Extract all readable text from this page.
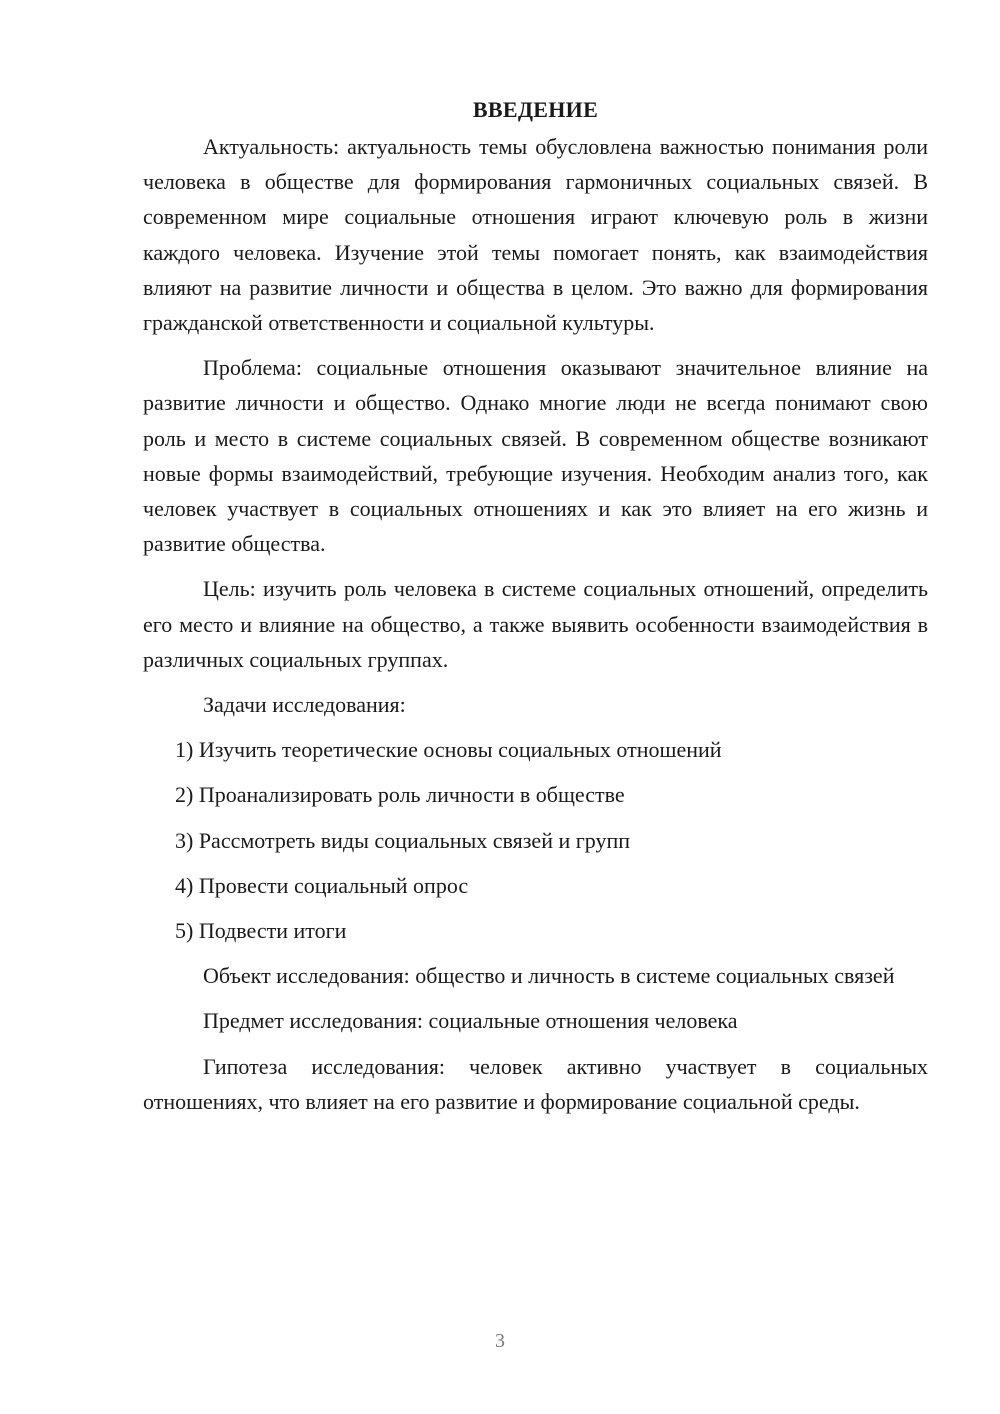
ВВЕДЕНИЕ

Актуальность: актуальность темы обусловлена важностью понимания роли человека в обществе для формирования гармоничных социальных связей. В современном мире социальные отношения играют ключевую роль в жизни каждого человека. Изучение этой темы помогает понять, как взаимодействия влияют на развитие личности и общества в целом. Это важно для формирования гражданской ответственности и социальной культуры.

Проблема: социальные отношения оказывают значительное влияние на развитие личности и общество. Однако многие люди не всегда понимают свою роль и место в системе социальных связей. В современном обществе возникают новые формы взаимодействий, требующие изучения. Необходим анализ того, как человек участвует в социальных отношениях и как это влияет на его жизнь и развитие общества.

Цель: изучить роль человека в системе социальных отношений, определить его место и влияние на общество, а также выявить особенности взаимодействия в различных социальных группах.

Задачи исследования:
1) Изучить теоретические основы социальных отношений
2) Проанализировать роль личности в обществе
3) Рассмотреть виды социальных связей и групп
4) Провести социальный опрос
5) Подвести итоги

Объект исследования: общество и личность в системе социальных связей

Предмет исследования: социальные отношения человека

Гипотеза исследования: человек активно участвует в социальных отношениях, что влияет на его развитие и формирование социальной среды.

3
